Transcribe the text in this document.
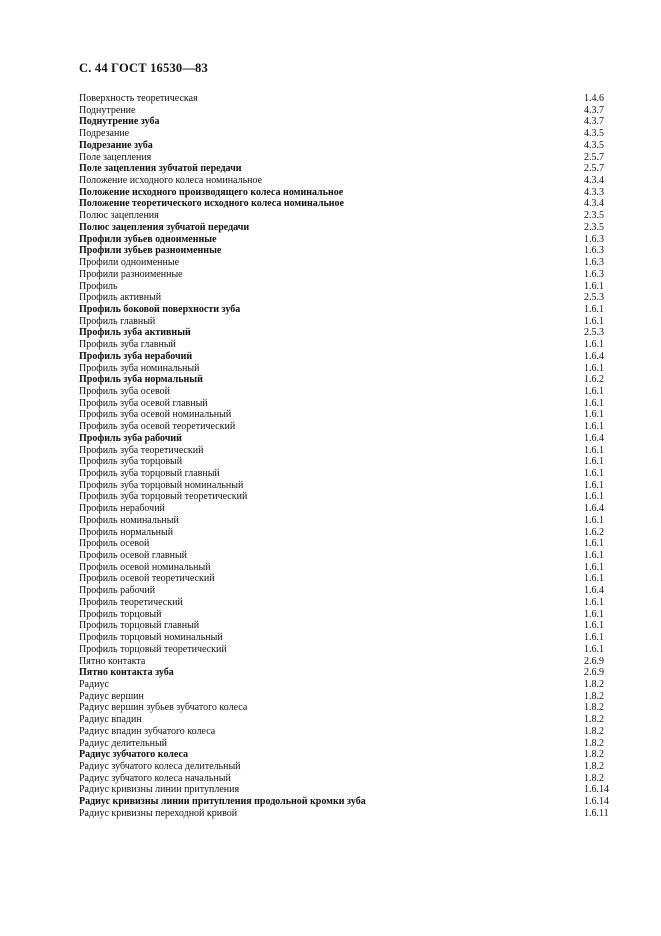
С. 44 ГОСТ 16530—83
Поверхность теоретическая	1.4.6
Поднутрение	4.3.7
Поднутрение зуба	4.3.7
Подрезание	4.3.5
Подрезание зуба	4.3.5
Поле зацепления	2.5.7
Поле зацепления зубчатой передачи	2.5.7
Положение исходного колеса номинальное	4.3.4
Положение исходного производящего колеса номинальное	4.3.3
Положение теоретического исходного колеса номинальное	4.3.4
Полюс зацепления	2.3.5
Полюс зацепления зубчатой передачи	2.3.5
Профили зубьев одноименные	1.6.3
Профили зубьев разноименные	1.6.3
Профили одноименные	1.6.3
Профили разноименные	1.6.3
Профиль	1.6.1
Профиль активный	2.5.3
Профиль боковой поверхности зуба	1.6.1
Профиль главный	1.6.1
Профиль зуба активный	2.5.3
Профиль зуба главный	1.6.1
Профиль зуба нерабочий	1.6.4
Профиль зуба номинальный	1.6.1
Профиль зуба нормальный	1.6.2
Профиль зуба осевой	1.6.1
Профиль зуба осевой главный	1.6.1
Профиль зуба осевой номинальный	1.6.1
Профиль зуба осевой теоретический	1.6.1
Профиль зуба рабочий	1.6.4
Профиль зуба теоретический	1.6.1
Профиль зуба торцовый	1.6.1
Профиль зуба торцовый главный	1.6.1
Профиль зуба торцовый номинальный	1.6.1
Профиль зуба торцовый теоретический	1.6.1
Профиль нерабочий	1.6.4
Профиль номинальный	1.6.1
Профиль нормальный	1.6.2
Профиль осевой	1.6.1
Профиль осевой главный	1.6.1
Профиль осевой номинальный	1.6.1
Профиль осевой теоретический	1.6.1
Профиль рабочий	1.6.4
Профиль теоретический	1.6.1
Профиль торцовый	1.6.1
Профиль торцовый главный	1.6.1
Профиль торцовый номинальный	1.6.1
Профиль торцовый теоретический	1.6.1
Пятно контакта	2.6.9
Пятно контакта зуба	2.6.9
Радиус	1.8.2
Радиус вершин	1.8.2
Радиус вершин зубьев зубчатого колеса	1.8.2
Радиус впадин	1.8.2
Радиус впадин зубчатого колеса	1.8.2
Радиус делительный	1.8.2
Радиус зубчатого колеса	1.8.2
Радиус зубчатого колеса делительный	1.8.2
Радиус зубчатого колеса начальный	1.8.2
Радиус кривизны линии притупления	1.6.14
Радиус кривизны линии притупления продольной кромки зуба	1.6.14
Радиус кривизны переходной кривой	1.6.11
